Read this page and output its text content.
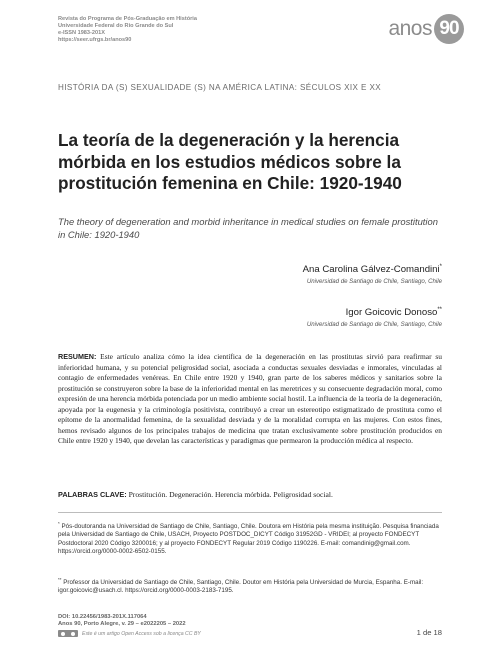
Revista do Programa de Pós-Graduação em História
Universidade Federal do Rio Grande do Sul
e-ISSN 1983-201X
https://seer.ufrgs.br/anos90	anos 90
HISTÓRIA DA (S) SEXUALIDADE (S) NA AMÉRICA LATINA: SÉCULOS XIX E XX
La teoría de la degeneración y la herencia mórbida en los estudios médicos sobre la prostitución femenina en Chile: 1920-1940
The theory of degeneration and morbid inheritance in medical studies on female prostitution in Chile: 1920-1940
Ana Carolina Gálvez-Comandini*
Universidad de Santiago de Chile, Santiago, Chile
Igor Goicovic Donoso**
Universidad de Santiago de Chile, Santiago, Chile
RESUMEN: Este artículo analiza cómo la idea científica de la degeneración en las prostitutas sirvió para reafirmar su inferioridad humana, y su potencial peligrosidad social, asociada a conductas sexuales desviadas e inmorales, vinculadas al contagio de enfermedades venéreas. En Chile entre 1920 y 1940, gran parte de los saberes médicos y sanitarios sobre la prostitución se construyeron sobre la base de la inferioridad mental en las meretrices y su consecuente degradación moral, como expresión de una herencia mórbida potenciada por un medio ambiente social hostil. La influencia de la teoría de la degeneración, apoyada por la eugenesia y la criminología positivista, contribuyó a crear un estereotipo estigmatizado de prostituta como el epítome de la anormalidad femenina, de la sexualidad desviada y de la moralidad corrupta en las mujeres. Con estos fines, hemos revisado algunos de los principales trabajos de medicina que tratan exclusivamente sobre prostitución producidos en Chile entre 1920 y 1940, que develan las características y paradigmas que permearon la producción médica al respecto.
PALABRAS CLAVE: Prostitución. Degeneración. Herencia mórbida. Peligrosidad social.
* Pós-doutoranda na Universidad de Santiago de Chile, Santiago, Chile. Doutora em História pela mesma instituição. Pesquisa financiada pela Universidad de Santiago de Chile, USACH, Proyecto POSTDOC_DICYT Código 31952GD - VRIDEI; al proyecto FONDECYT Postdoctoral 2020 Código 3200016; y al proyecto FONDECYT Regular 2019 Código 1190226. E-mail: comandinig@gmail.com. https://orcid.org/0000-0002-6502-0155.
** Professor da Universidad de Santiago de Chile, Santiago, Chile. Doutor em História pela Universidad de Murcia, Espanha. E-mail: igor.goicovic@usach.cl. https://orcid.org/0000-0003-2183-7195.
DOI: 10.22456/1983-201X.117064
Anos 90, Porto Alegre, v. 29 – e2022205 – 2022
Este é um artigo Open Access sob a licença CC BY	1 de 18
